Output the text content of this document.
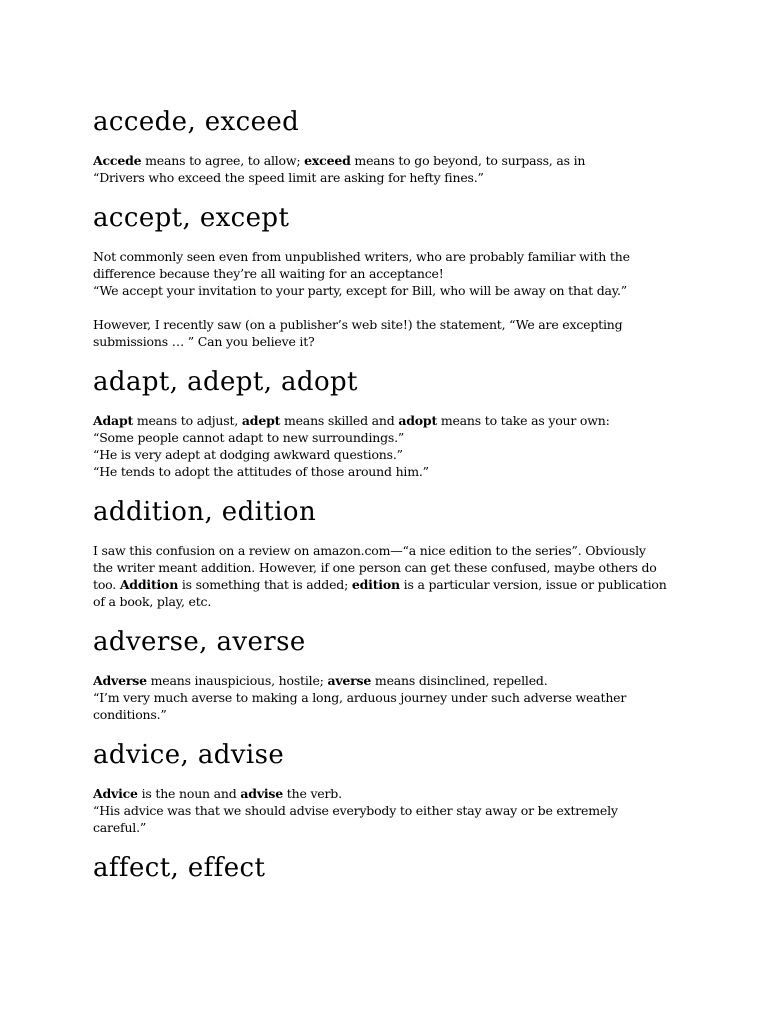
accede, exceed

Accede means to agree, to allow; exceed means to go beyond, to surpass, as in
“Drivers who exceed the speed limit are asking for hefty fines.”

accept, except

Not commonly seen even from unpublished writers, who are probably familiar with the
difference because they’re all waiting for an acceptance!
“We accept your invitation to your party, except for Bill, who will be away on that day.”

However, I recently saw (on a publisher’s web site!) the statement, “We are excepting
submissions … ” Can you believe it?

adapt, adept, adopt

Adapt means to adjust, adept means skilled and adopt means to take as your own:
“Some people cannot adapt to new surroundings.”
“He is very adept at dodging awkward questions.”
“He tends to adopt the attitudes of those around him.”

addition, edition

I saw this confusion on a review on amazon.com—“a nice edition to the series”. Obviously
the writer meant addition. However, if one person can get these confused, maybe others do
too. Addition is something that is added; edition is a particular version, issue or publication
of a book, play, etc.

adverse, averse

Adverse means inauspicious, hostile; averse means disinclined, repelled.
“I’m very much averse to making a long, arduous journey under such adverse weather
conditions.”

advice, advise

Advice is the noun and advise the verb.
“His advice was that we should advise everybody to either stay away or be extremely
careful.”

affect, effect
